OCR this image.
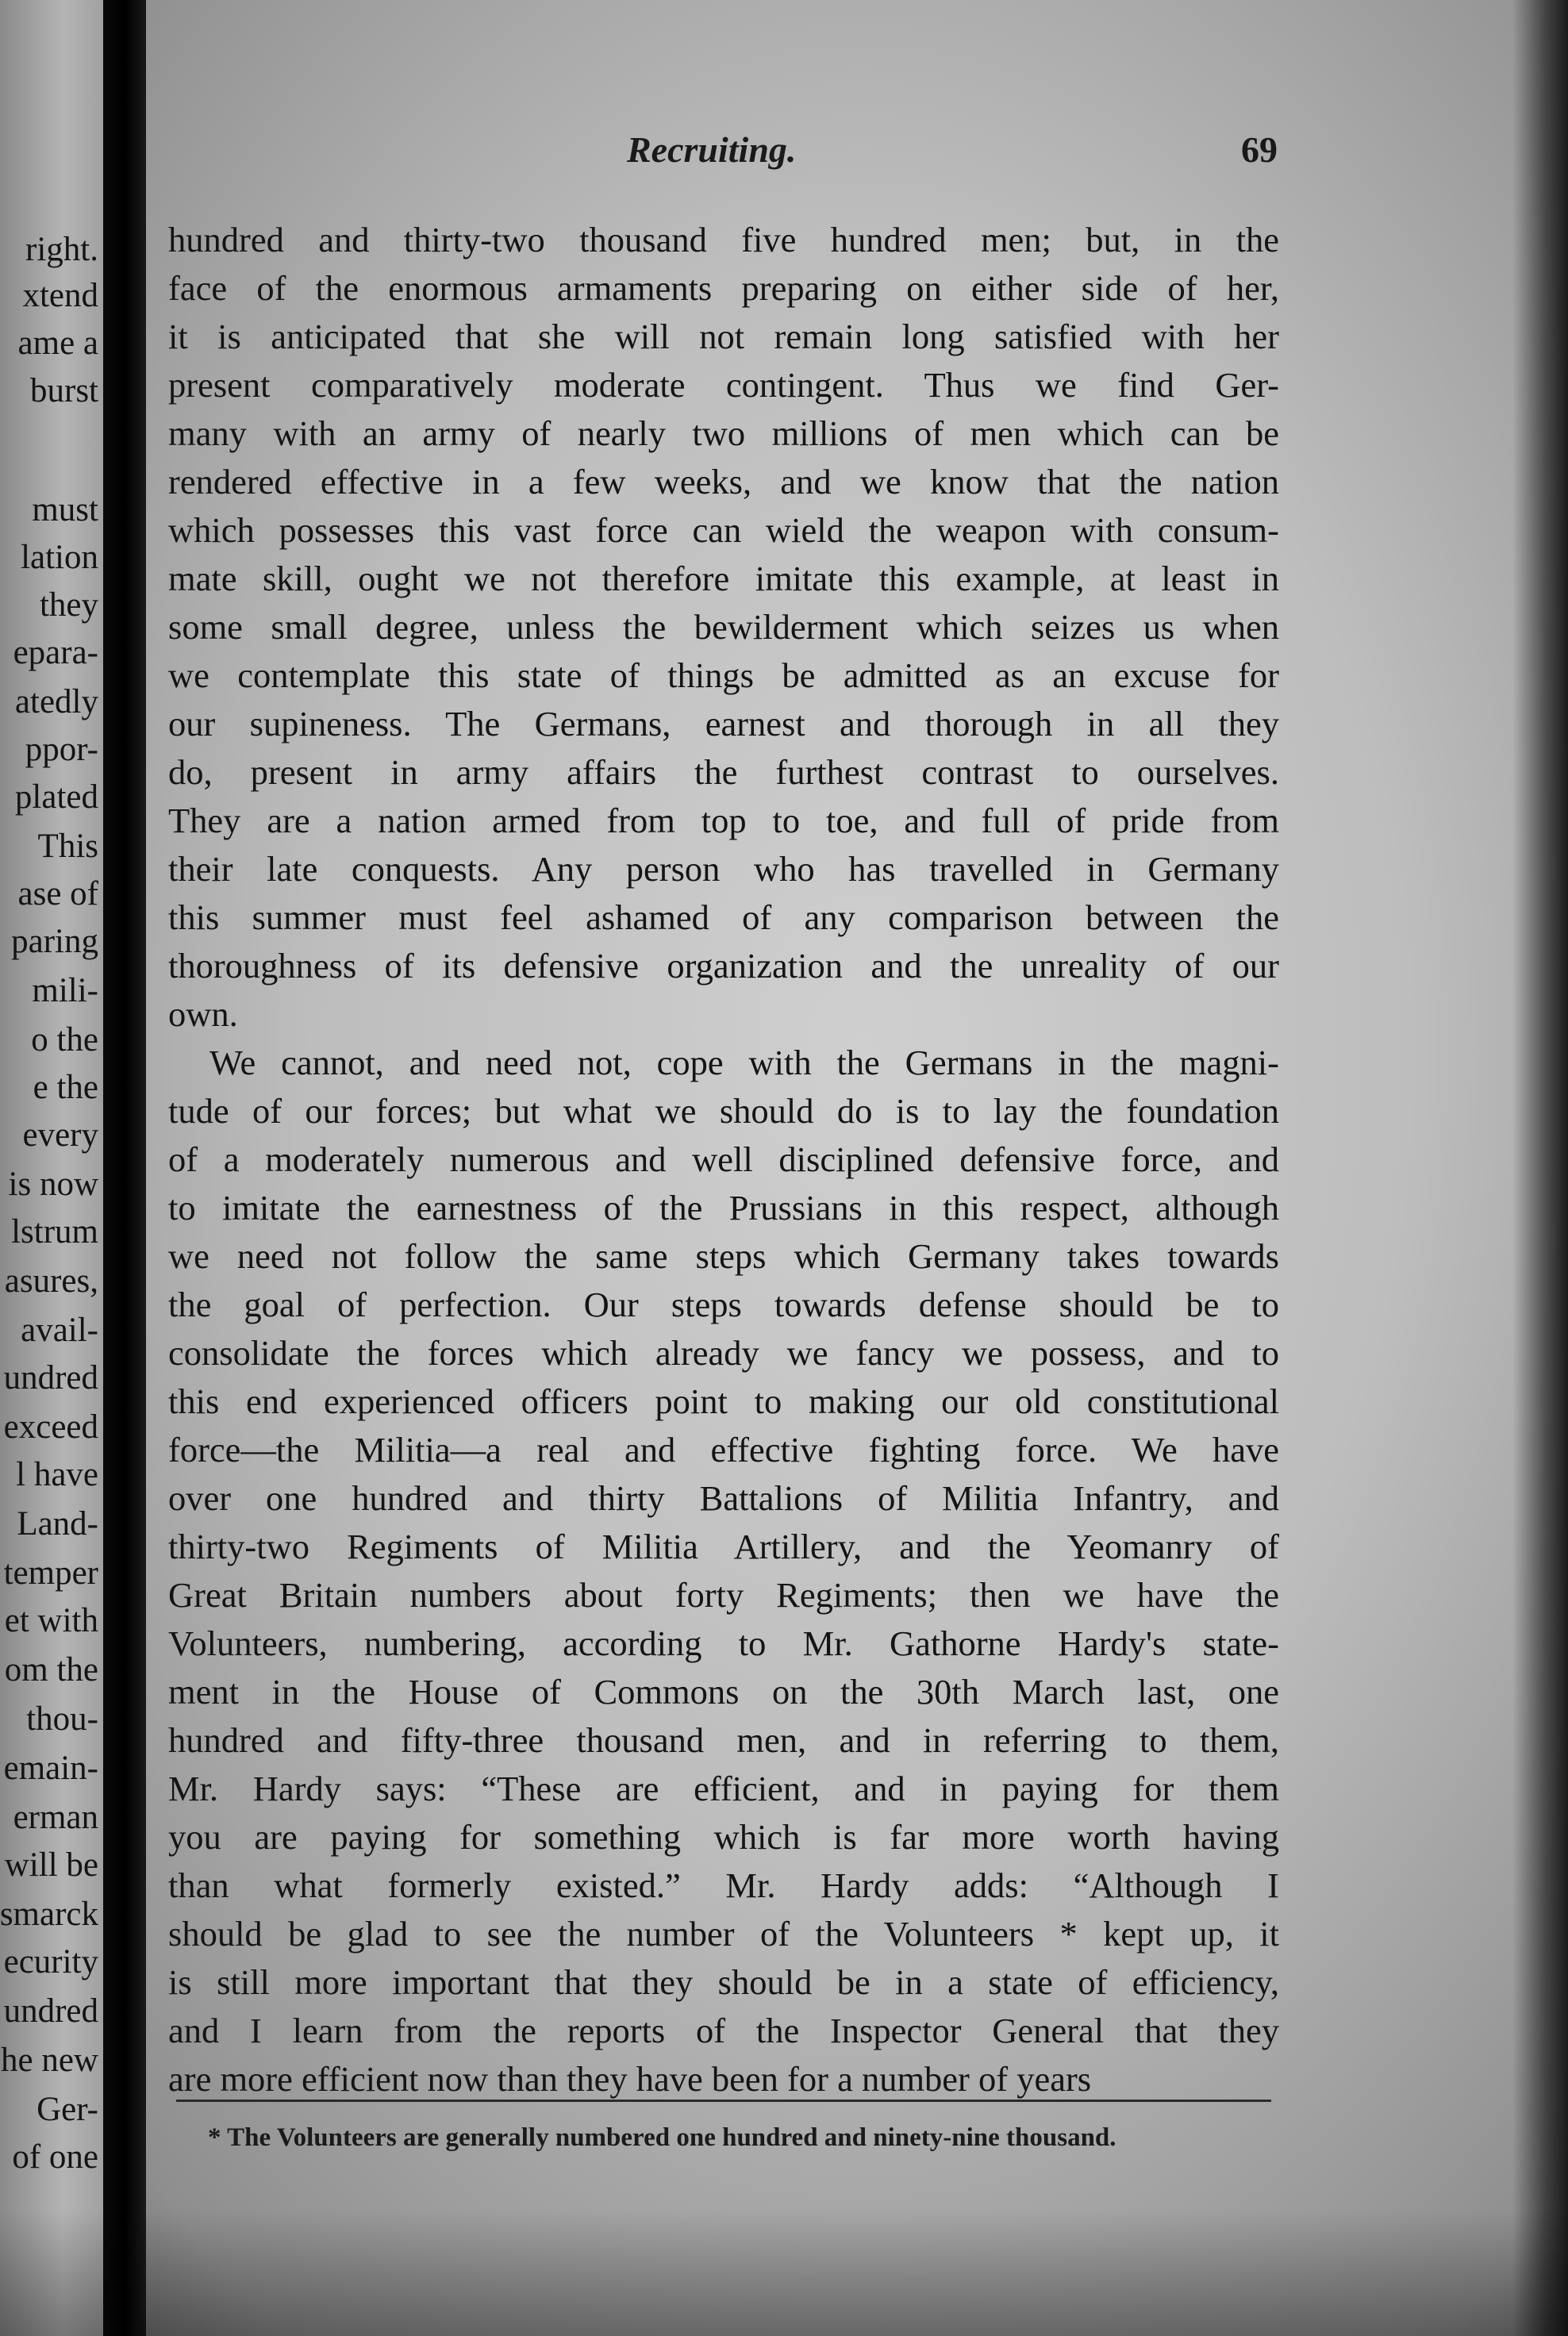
right.
xtend
ame a
burst
must
lation
they
epara-
atedly
ppor-
plated
This
ase of
paring
mili-
o the
e the
every
is now
lstrum
asures,
avail-
undred
exceed
l have
Land-
temper
et with
om the
thou-
emain-
erman
will be
smarck
ecurity
undred
he new
Ger-
of one
Recruiting.	69
hundred and thirty-two thousand five hundred men; but, in the
face of the enormous armaments preparing on either side of her,
it is anticipated that she will not remain long satisfied with her
present comparatively moderate contingent. Thus we find Ger-
many with an army of nearly two millions of men which can be
rendered effective in a few weeks, and we know that the nation
which possesses this vast force can wield the weapon with consum-
mate skill, ought we not therefore imitate this example, at least in
some small degree, unless the bewilderment which seizes us when
we contemplate this state of things be admitted as an excuse for
our supineness. The Germans, earnest and thorough in all they
do, present in army affairs the furthest contrast to ourselves.
They are a nation armed from top to toe, and full of pride from
their late conquests. Any person who has travelled in Germany
this summer must feel ashamed of any comparison between the
thoroughness of its defensive organization and the unreality of our
own.
We cannot, and need not, cope with the Germans in the magni-
tude of our forces; but what we should do is to lay the foundation
of a moderately numerous and well disciplined defensive force, and
to imitate the earnestness of the Prussians in this respect, although
we need not follow the same steps which Germany takes towards
the goal of perfection. Our steps towards defense should be to
consolidate the forces which already we fancy we possess, and to
this end experienced officers point to making our old constitutional
force—the Militia—a real and effective fighting force. We have
over one hundred and thirty Battalions of Militia Infantry, and
thirty-two Regiments of Militia Artillery, and the Yeomanry of
Great Britain numbers about forty Regiments; then we have the
Volunteers, numbering, according to Mr. Gathorne Hardy's state-
ment in the House of Commons on the 30th March last, one
hundred and fifty-three thousand men, and in referring to them,
Mr. Hardy says: “These are efficient, and in paying for them
you are paying for something which is far more worth having
than what formerly existed.” Mr. Hardy adds: “Although I
should be glad to see the number of the Volunteers * kept up, it
is still more important that they should be in a state of efficiency,
and I learn from the reports of the Inspector General that they
are more efficient now than they have been for a number of years
* The Volunteers are generally numbered one hundred and ninety-nine thousand.
